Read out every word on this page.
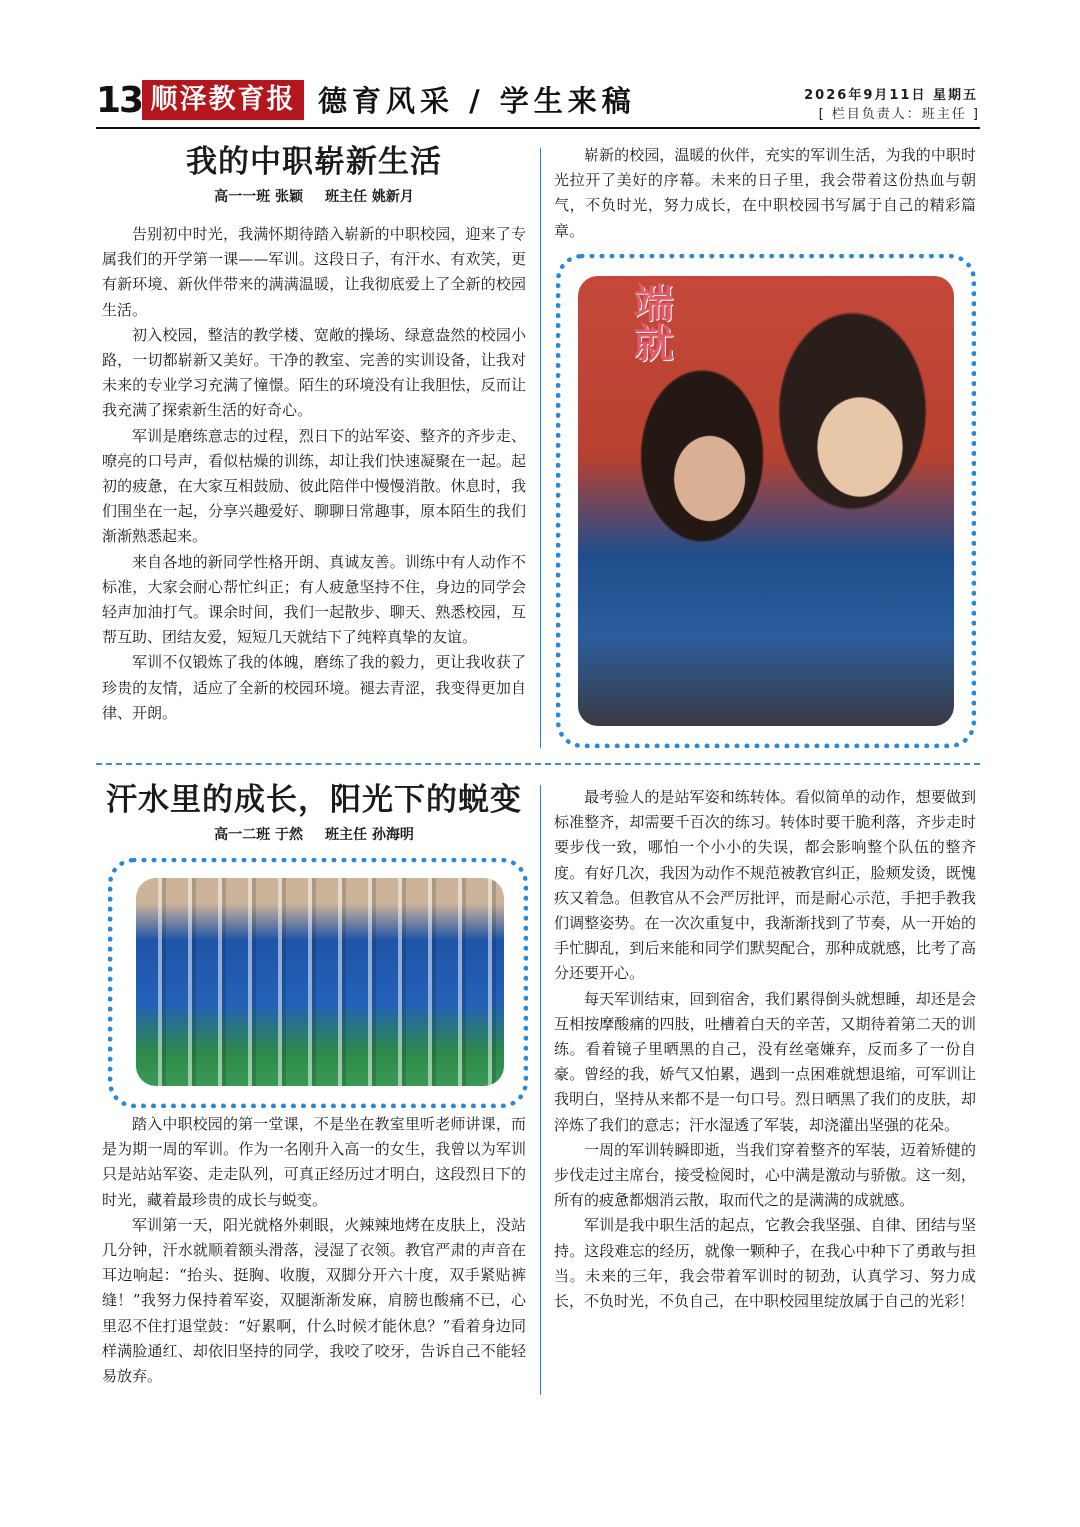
13 顺泽教育报 德育风采 / 学生来稿	2026年9月11日 星期五
[ 栏目负责人：班主任 ]
我的中职崭新生活
高一一班 张颖 班主任 姚新月

告别初中时光，我满怀期待踏入崭新的中职校园，迎来了专属我们的开学第一课——军训。这段日子，有汗水、有欢笑，更有新环境、新伙伴带来的满满温暖，让我彻底爱上了全新的校园生活。

初入校园，整洁的教学楼、宽敞的操场、绿意盎然的校园小路，一切都崭新又美好。干净的教室、完善的实训设备，让我对未来的专业学习充满了憧憬。陌生的环境没有让我胆怯，反而让我充满了探索新生活的好奇心。

军训是磨练意志的过程，烈日下的站军姿、整齐的齐步走、嘹亮的口号声，看似枯燥的训练，却让我们快速凝聚在一起。起初的疲惫，在大家互相鼓励、彼此陪伴中慢慢消散。休息时，我们围坐在一起，分享兴趣爱好、聊聊日常趣事，原本陌生的我们渐渐熟悉起来。

来自各地的新同学性格开朗、真诚友善。训练中有人动作不标准，大家会耐心帮忙纠正；有人疲惫坚持不住，身边的同学会轻声加油打气。课余时间，我们一起散步、聊天、熟悉校园，互帮互助、团结友爱，短短几天就结下了纯粹真挚的友谊。

军训不仅锻炼了我的体魄，磨练了我的毅力，更让我收获了珍贵的友情，适应了全新的校园环境。褪去青涩，我变得更加自律、开朗。

崭新的校园，温暖的伙伴，充实的军训生活，为我的中职时光拉开了美好的序幕。未来的日子里，我会带着这份热血与朝气，不负时光，努力成长，在中职校园书写属于自己的精彩篇章。

端就
汗水里的成长，阳光下的蜕变
高一二班 于然 班主任 孙海明

踏入中职校园的第一堂课，不是坐在教室里听老师讲课，而是为期一周的军训。作为一名刚升入高一的女生，我曾以为军训只是站站军姿、走走队列，可真正经历过才明白，这段烈日下的时光，藏着最珍贵的成长与蜕变。

军训第一天，阳光就格外刺眼，火辣辣地烤在皮肤上，没站几分钟，汗水就顺着额头滑落，浸湿了衣领。教官严肃的声音在耳边响起：“抬头、挺胸、收腹，双脚分开六十度，双手紧贴裤缝！”我努力保持着军姿，双腿渐渐发麻，肩膀也酸痛不已，心里忍不住打退堂鼓：“好累啊，什么时候才能休息？”看着身边同样满脸通红、却依旧坚持的同学，我咬了咬牙，告诉自己不能轻易放弃。

最考验人的是站军姿和练转体。看似简单的动作，想要做到标准整齐，却需要千百次的练习。转体时要干脆利落，齐步走时要步伐一致，哪怕一个小小的失误，都会影响整个队伍的整齐度。有好几次，我因为动作不规范被教官纠正，脸颊发烫，既愧疚又着急。但教官从不会严厉批评，而是耐心示范，手把手教我们调整姿势。在一次次重复中，我渐渐找到了节奏，从一开始的手忙脚乱，到后来能和同学们默契配合，那种成就感，比考了高分还要开心。

每天军训结束，回到宿舍，我们累得倒头就想睡，却还是会互相按摩酸痛的四肢，吐槽着白天的辛苦，又期待着第二天的训练。看着镜子里晒黑的自己，没有丝毫嫌弃，反而多了一份自豪。曾经的我，娇气又怕累，遇到一点困难就想退缩，可军训让我明白，坚持从来都不是一句口号。烈日晒黑了我们的皮肤，却淬炼了我们的意志；汗水湿透了军装，却浇灌出坚强的花朵。

一周的军训转瞬即逝，当我们穿着整齐的军装，迈着矫健的步伐走过主席台，接受检阅时，心中满是激动与骄傲。这一刻，所有的疲惫都烟消云散，取而代之的是满满的成就感。

军训是我中职生活的起点，它教会我坚强、自律、团结与坚持。这段难忘的经历，就像一颗种子，在我心中种下了勇敢与担当。未来的三年，我会带着军训时的韧劲，认真学习、努力成长，不负时光，不负自己，在中职校园里绽放属于自己的光彩！
